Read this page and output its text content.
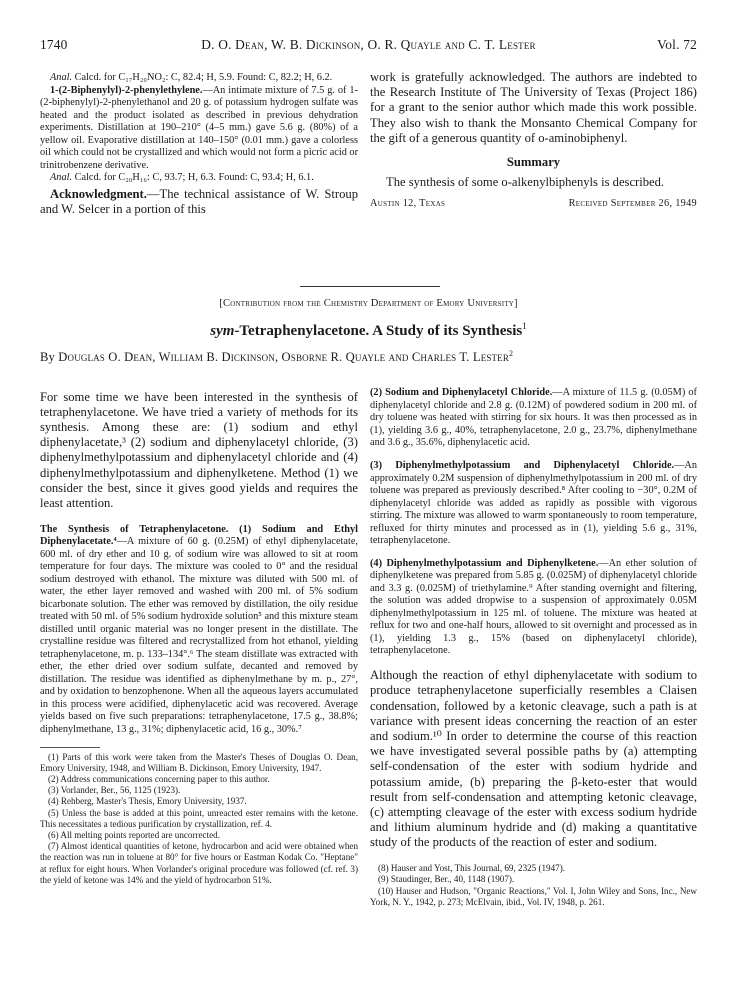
1740	D. O. Dean, W. B. Dickinson, O. R. Quayle and C. T. Lester	Vol. 72

Anal. Calcd. for C₁₇H₂₀NO₂: C, 82.4; H, 5.9. Found: C, 82.2; H, 6.2.

1-(2-Biphenylyl)-2-phenylethylene.—An intimate mixture of 7.5 g. of 1-(2-biphenylyl)-2-phenylethanol and 20 g. of potassium hydrogen sulfate was heated and the product isolated as described in previous dehydration experiments. Distillation at 190–210° (4–5 mm.) gave 5.6 g. (80%) of a yellow oil. Evaporative distillation at 140–150° (0.01 mm.) gave a colorless oil which could not be crystallized and which would not form a picric acid or trinitrobenzene derivative.

Anal. Calcd. for C₂₀H₁₆: C, 93.7; H, 6.3. Found: C, 93.4; H, 6.1.

Acknowledgment.—The technical assistance of W. Stroup and W. Selcer in a portion of this

work is gratefully acknowledged. The authors are indebted to the Research Institute of The University of Texas (Project 186) for a grant to the senior author which made this work possible. They also wish to thank the Monsanto Chemical Company for the gift of a generous quantity of o-aminobiphenyl.

Summary

The synthesis of some o-alkenylbiphenyls is described.

Austin 12, Texas	Received September 26, 1949
[Contribution from the Chemistry Department of Emory University]
sym-Tetraphenylacetone. A Study of its Synthesis$^1$
By Douglas O. Dean, William B. Dickinson, Osborne R. Quayle and Charles T. Lester$^2$

For some time we have been interested in the synthesis of tetraphenylacetone. We have tried a variety of methods for its synthesis. Among these are: (1) sodium and ethyl diphenylacetate,³ (2) sodium and diphenylacetyl chloride, (3) diphenylmethylpotassium and diphenylacetyl chloride and (4) diphenylmethylpotassium and diphenylketene. Method (1) we consider the best, since it gives good yields and requires the least attention.

The Synthesis of Tetraphenylacetone. (1) Sodium and Ethyl Diphenylacetate.⁴—A mixture of 60 g. (0.25M) of ethyl diphenylacetate, 600 ml. of dry ether and 10 g. of sodium wire was allowed to sit at room temperature for four days. The mixture was cooled to 0° and the residual sodium destroyed with ethanol. The mixture was diluted with 500 ml. of water, the ether layer removed and washed with 200 ml. of 5% sodium bicarbonate solution. The ether was removed by distillation, the oily residue treated with 50 ml. of 5% sodium hydroxide solution⁵ and this mixture steam distilled until organic material was no longer present in the distillate. The crystalline residue was filtered and recrystallized from hot ethanol, yielding tetraphenylacetone, m. p. 133–134°.⁶ The steam distillate was extracted with ether, the ether dried over sodium sulfate, decanted and removed by distillation. The residue was identified as diphenylmethane by m. p., 27°, and by oxidation to benzophenone. When all the aqueous layers accumulated in this process were acidified, diphenylacetic acid was recovered. Average yields based on five such preparations: tetraphenylacetone, 17.5 g., 38.8%; diphenylmethane, 13 g., 31%; diphenylacetic acid, 16 g., 30%.⁷

(1) Parts of this work were taken from the Master's Theses of Douglas O. Dean, Emory University, 1948, and William B. Dickinson, Emory University, 1947.

(2) Address communications concerning paper to this author.

(3) Vorlander, Ber., 56, 1125 (1923).

(4) Rehberg, Master's Thesis, Emory University, 1937.

(5) Unless the base is added at this point, unreacted ester remains with the ketone. This necessitates a tedious purification by crystallization, ref. 4.

(6) All melting points reported are uncorrected.

(7) Almost identical quantities of ketone, hydrocarbon and acid were obtained when the reaction was run in toluene at 80° for five hours or Eastman Kodak Co. "Heptane" at reflux for eight hours. When Vorlander's original procedure was followed (cf. ref. 3) the yield of ketone was 14% and the yield of hydrocarbon 51%.

(2) Sodium and Diphenylacetyl Chloride.—A mixture of 11.5 g. (0.05M) of diphenylacetyl chloride and 2.8 g. (0.12M) of powdered sodium in 200 ml. of dry toluene was heated with stirring for six hours. It was then processed as in (1), yielding 3.6 g., 40%, tetraphenylacetone, 2.0 g., 23.7%, diphenylmethane and 3.6 g., 35.6%, diphenylacetic acid.

(3) Diphenylmethylpotassium and Diphenylacetyl Chloride.—An approximately 0.2M suspension of diphenylmethylpotassium in 200 ml. of dry toluene was prepared as previously described.⁸ After cooling to −30°, 0.2M of diphenylacetyl chloride was added as rapidly as possible with vigorous stirring. The mixture was allowed to warm spontaneously to room temperature, refluxed for thirty minutes and processed as in (1), yielding 5.6 g., 31%, tetraphenylacetone.

(4) Diphenylmethylpotassium and Diphenylketene.—An ether solution of diphenylketene was prepared from 5.85 g. (0.025M) of diphenylacetyl chloride and 3.3 g. (0.025M) of triethylamine.⁹ After standing overnight and filtering, the solution was added dropwise to a suspension of approximately 0.05M diphenylmethylpotassium in 125 ml. of toluene. The mixture was heated at reflux for two and one-half hours, allowed to sit overnight and processed as in (1), yielding 1.3 g., 15% (based on diphenylacetyl chloride), tetraphenylacetone.

Although the reaction of ethyl diphenylacetate with sodium to produce tetraphenylacetone superficially resembles a Claisen condensation, followed by a ketonic cleavage, such a path is at variance with present ideas concerning the reaction of an ester and sodium.¹⁰ In order to determine the course of this reaction we have investigated several possible paths by (a) attempting self-condensation of the ester with sodium hydride and potassium amide, (b) preparing the β-keto-ester that would result from self-condensation and attempting ketonic cleavage, (c) attempting cleavage of the ester with excess sodium hydride and lithium aluminum hydride and (d) making a quantitative study of the products of the reaction of ester and sodium.

(8) Hauser and Yost, This Journal, 69, 2325 (1947).

(9) Staudinger, Ber., 40, 1148 (1907).

(10) Hauser and Hudson, "Organic Reactions," Vol. I, John Wiley and Sons, Inc., New York, N. Y., 1942, p. 273; McElvain, ibid., Vol. IV, 1948, p. 261.
